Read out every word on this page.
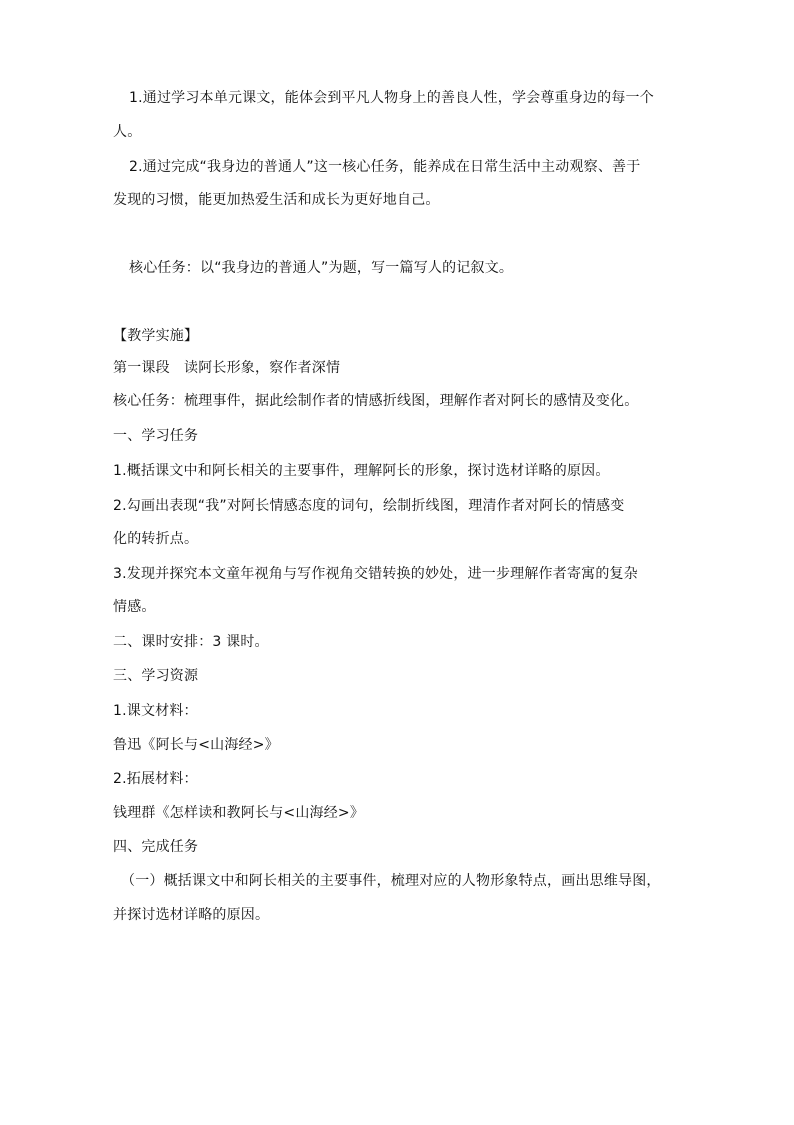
1.通过学习本单元课文，能体会到平凡人物身上的善良人性，学会尊重身边的每一个
人。
2.通过完成“我身边的普通人”这一核心任务，能养成在日常生活中主动观察、善于
发现的习惯，能更加热爱生活和成长为更好地自己。
核心任务：以“我身边的普通人”为题，写一篇写人的记叙文。
【教学实施】
第一课段　读阿长形象，察作者深情
核心任务：梳理事件，据此绘制作者的情感折线图，理解作者对阿长的感情及变化。
一、学习任务
1.概括课文中和阿长相关的主要事件，理解阿长的形象，探讨选材详略的原因。
2.勾画出表现“我”对阿长情感态度的词句，绘制折线图，理清作者对阿长的情感变
化的转折点。
3.发现并探究本文童年视角与写作视角交错转换的妙处，进一步理解作者寄寓的复杂
情感。
二、课时安排：3 课时。
三、学习资源
1.课文材料：
鲁迅《阿长与<山海经>》
2.拓展材料：
钱理群《怎样读和教阿长与<山海经>》
四、完成任务
（一）概括课文中和阿长相关的主要事件，梳理对应的人物形象特点，画出思维导图，
并探讨选材详略的原因。
